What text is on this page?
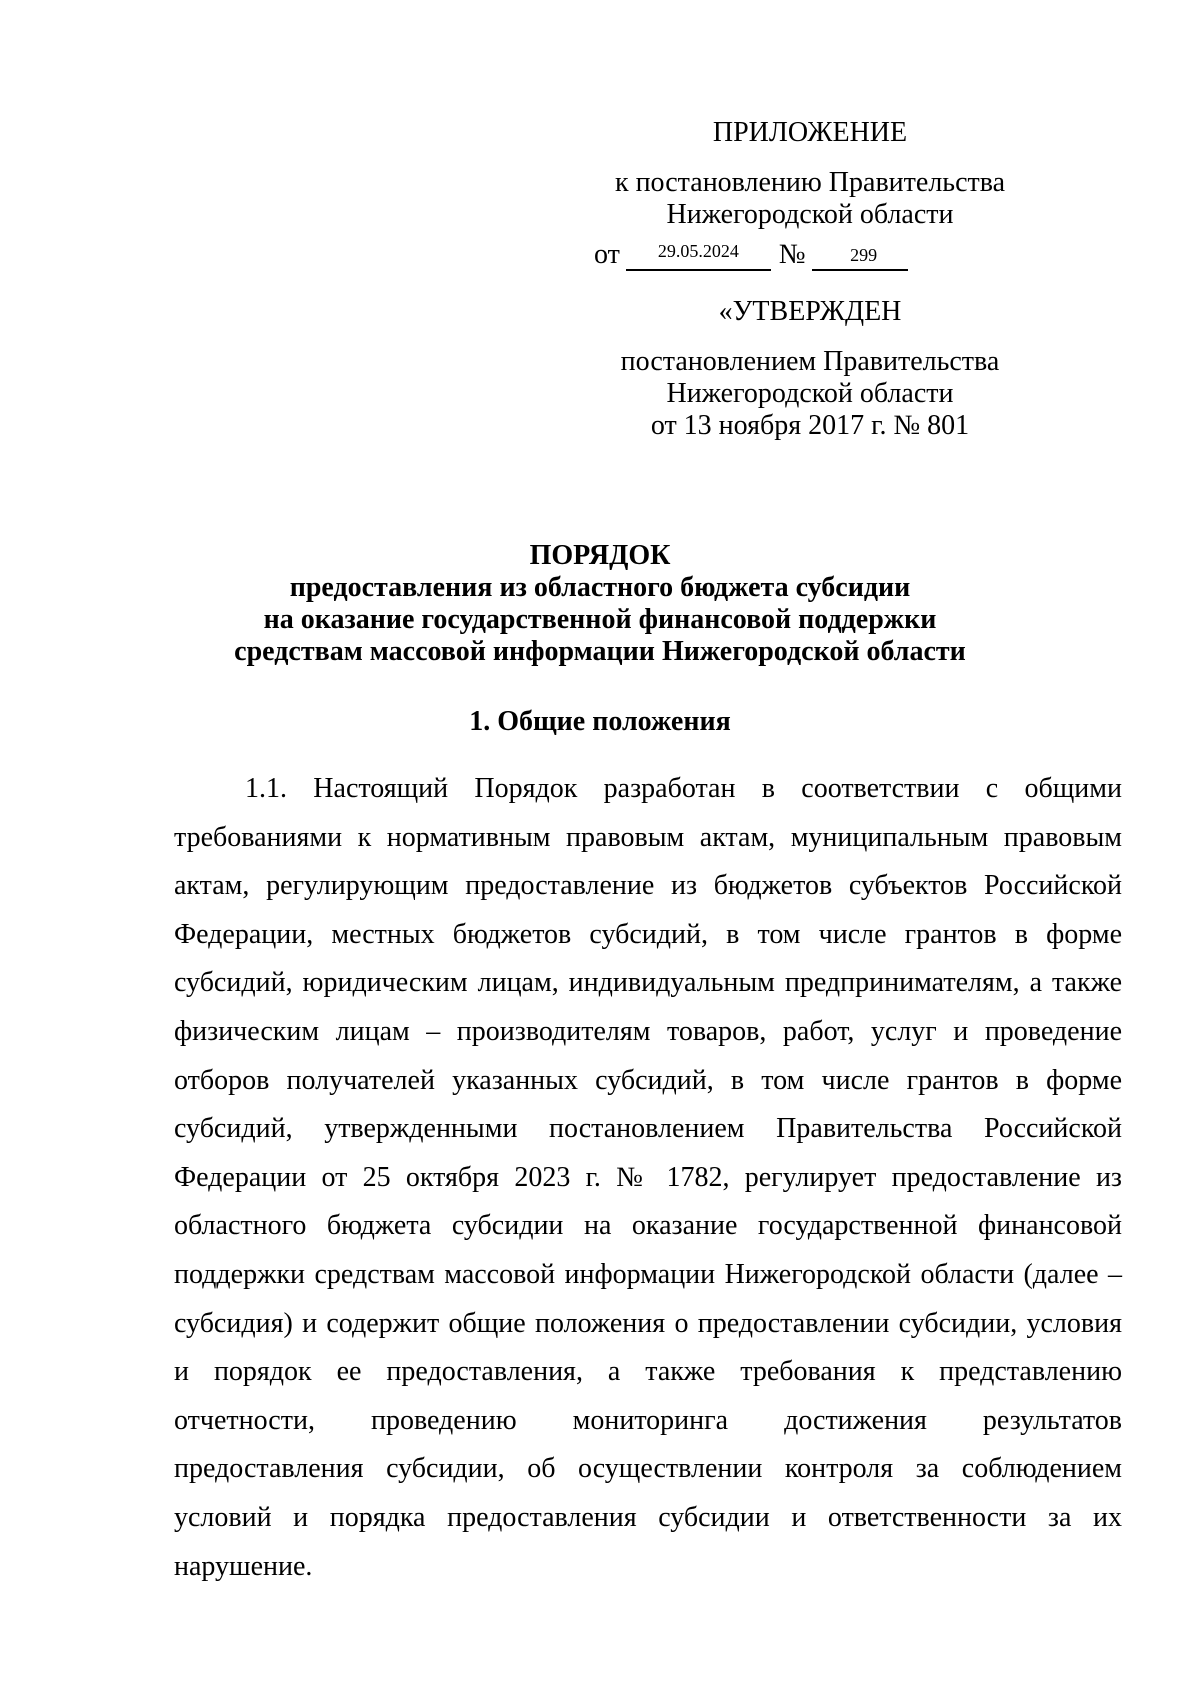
ПРИЛОЖЕНИЕ
к постановлению Правительства
Нижегородской области
от 29.05.2024 № 299
«УТВЕРЖДЕН
постановлением Правительства
Нижегородской области
от 13 ноября 2017 г. № 801
ПОРЯДОК
предоставления из областного бюджета субсидии
на оказание государственной финансовой поддержки
средствам массовой информации Нижегородской области
1. Общие положения

1.1. Настоящий Порядок разработан в соответствии с общими требованиями к нормативным правовым актам, муниципальным правовым актам, регулирующим предоставление из бюджетов субъектов Российской Федерации, местных бюджетов субсидий, в том числе грантов в форме субсидий, юридическим лицам, индивидуальным предпринимателям, а также физическим лицам – производителям товаров, работ, услуг и проведение отборов получателей указанных субсидий, в том числе грантов в форме субсидий, утвержденными постановлением Правительства Российской Федерации от 25 октября 2023 г. № 1782, регулирует предоставление из областного бюджета субсидии на оказание государственной финансовой поддержки средствам массовой информации Нижегородской области (далее – субсидия) и содержит общие положения о предоставлении субсидии, условия и порядок ее предоставления, а также требования к представлению отчетности, проведению мониторинга достижения результатов предоставления субсидии, об осуществлении контроля за соблюдением условий и порядка предоставления субсидии и ответственности за их нарушение.
